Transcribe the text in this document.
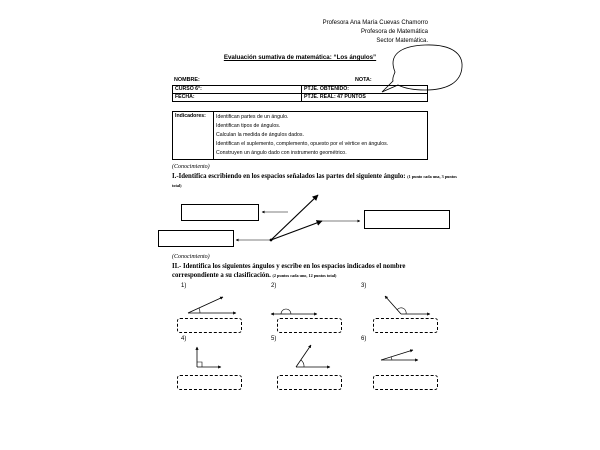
Profesora Ana María Cuevas Chamorro
Profesora de Matemática
Sector Matemática.
Evaluación sumativa de matemática: “Los ángulos”
NOMBRE:	NOTA:
CURSO 6°:	PTJE. OBTENIDO:
FECHA:	PTJE. REAL: 47 PUNTOS
Indicadores:	Identifican partes de un ángulo.
Identifican tipos de ángulos.
Calculan la medida de ángulos dados.
Identifican el suplemento, complemento, opuesto por el vértice en ángulos.
Construyen un ángulo dado con instrumento geométrico.
(Conocimiento)
I.-Identifica escribiendo en los espacios señalados las partes del siguiente ángulo: (1 punto cada una, 3 puntos total)
(Conocimiento)
II.- Identifica los siguientes ángulos y escribe en los espacios indicados el nombre correspondiente a su clasificación. (2 puntos cada uno, 12 puntos total)
1)	2)	3)
4)	5)	6)
